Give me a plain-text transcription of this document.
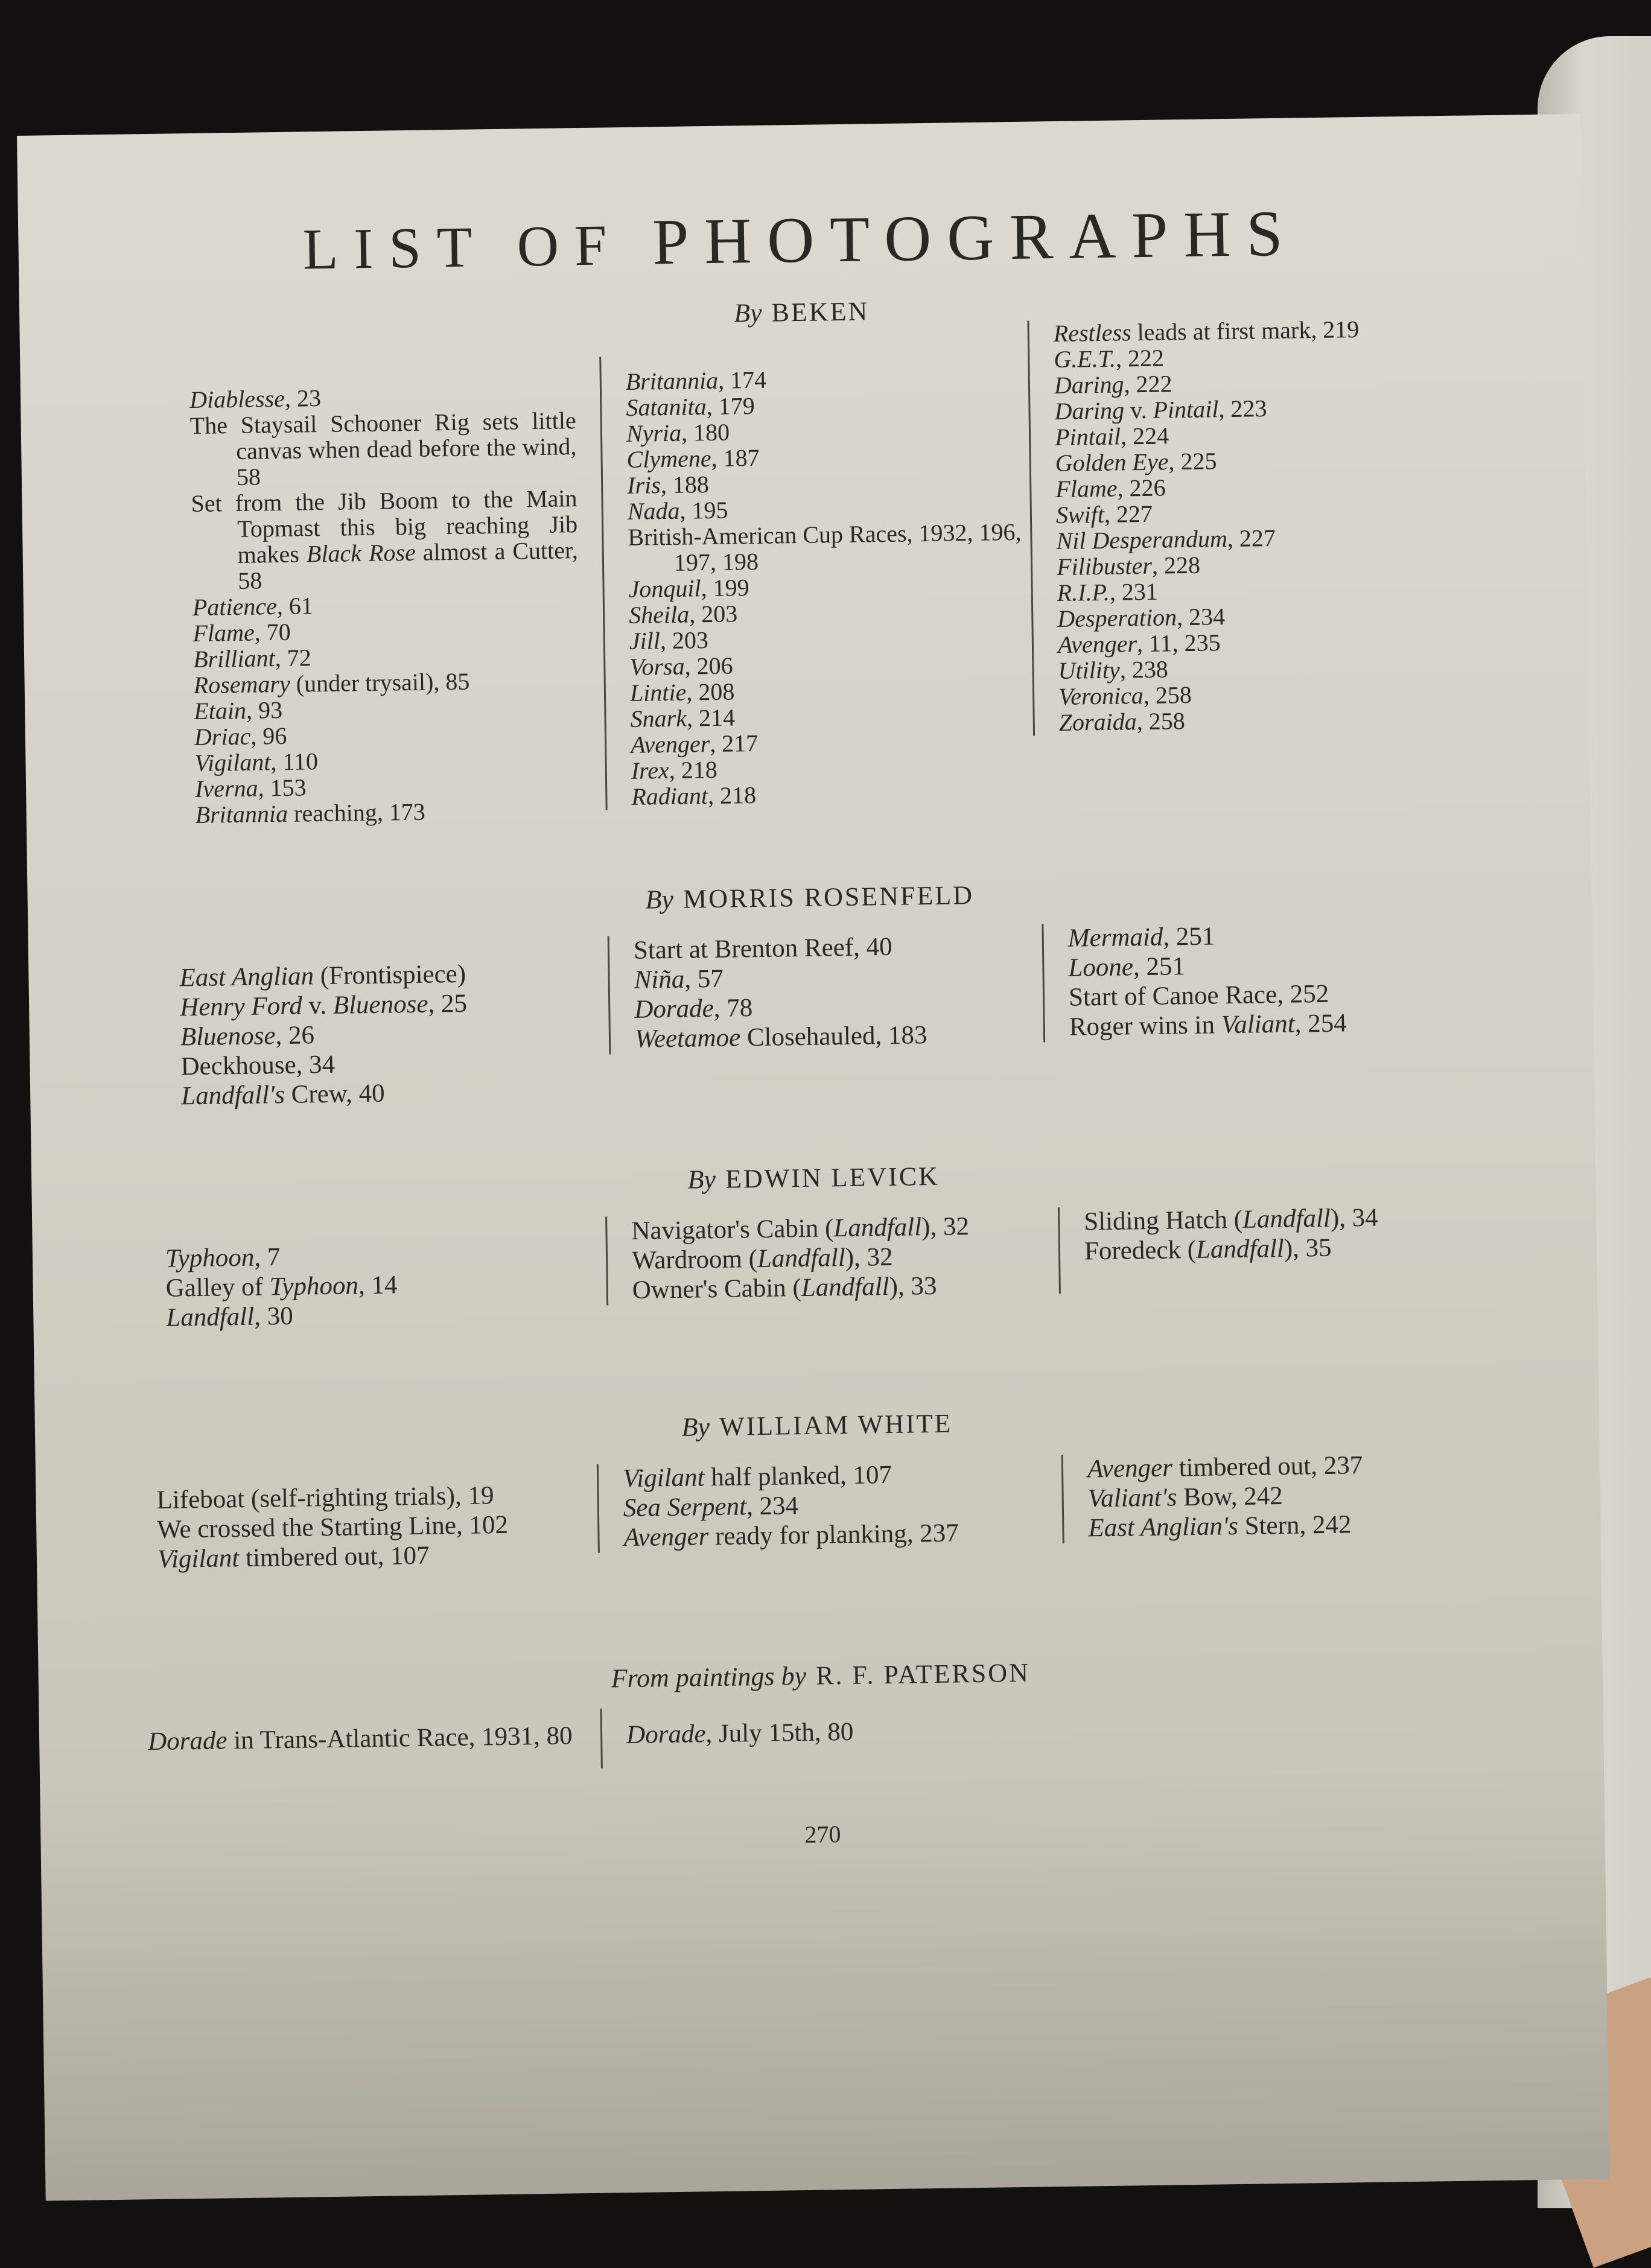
LIST OF PHOTOGRAPHS
By BEKEN
Diablesse, 23
The Staysail Schooner Rig sets little canvas when dead before the wind, 58
Set from the Jib Boom to the Main Topmast this big reaching Jib makes Black Rose almost a Cutter, 58
Patience, 61
Flame, 70
Brilliant, 72
Rosemary (under trysail), 85
Etain, 93
Driac, 96
Vigilant, 110
Iverna, 153
Britannia reaching, 173
Britannia, 174
Satanita, 179
Nyria, 180
Clymene, 187
Iris, 188
Nada, 195
British-American Cup Races, 1932, 196, 197, 198
Jonquil, 199
Sheila, 203
Jill, 203
Vorsa, 206
Lintie, 208
Snark, 214
Avenger, 217
Irex, 218
Radiant, 218
Restless leads at first mark, 219
G.E.T., 222
Daring, 222
Daring v. Pintail, 223
Pintail, 224
Golden Eye, 225
Flame, 226
Swift, 227
Nil Desperandum, 227
Filibuster, 228
R.I.P., 231
Desperation, 234
Avenger, 11, 235
Utility, 238
Veronica, 258
Zoraida, 258
By MORRIS ROSENFELD
East Anglian (Frontispiece)
Henry Ford v. Bluenose, 25
Bluenose, 26
Deckhouse, 34
Landfall's Crew, 40
Start at Brenton Reef, 40
Niña, 57
Dorade, 78
Weetamoe Closehauled, 183
Mermaid, 251
Loone, 251
Start of Canoe Race, 252
Roger wins in Valiant, 254
By EDWIN LEVICK
Typhoon, 7
Galley of Typhoon, 14
Landfall, 30
Navigator's Cabin (Landfall), 32
Wardroom (Landfall), 32
Owner's Cabin (Landfall), 33
Sliding Hatch (Landfall), 34
Foredeck (Landfall), 35
By WILLIAM WHITE
Lifeboat (self-righting trials), 19
We crossed the Starting Line, 102
Vigilant timbered out, 107
Vigilant half planked, 107
Sea Serpent, 234
Avenger ready for planking, 237
Avenger timbered out, 237
Valiant's Bow, 242
East Anglian's Stern, 242
From paintings by R. F. PATERSON
Dorade in Trans-Atlantic Race, 1931, 80	Dorade, July 15th, 80
270
